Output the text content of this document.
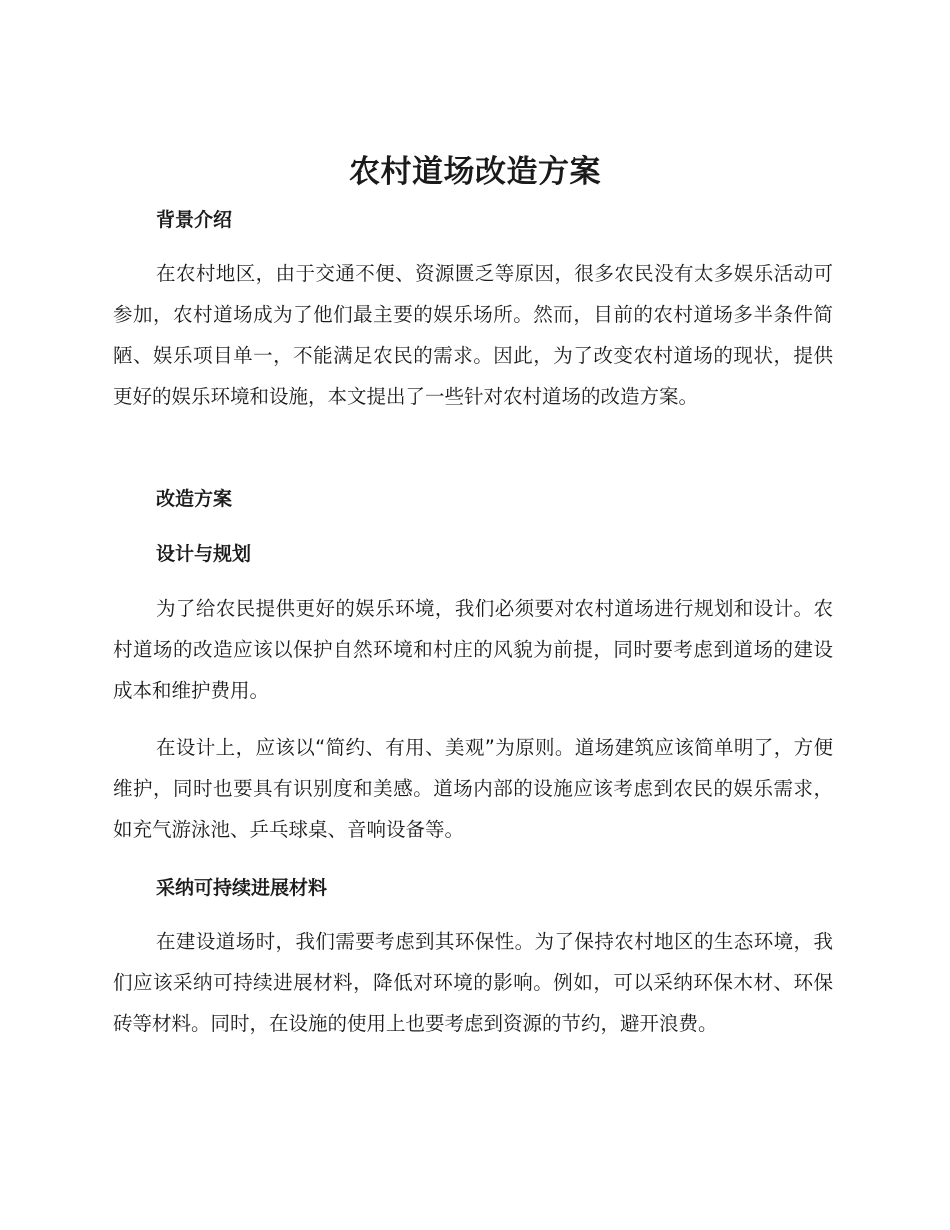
农村道场改造方案
背景介绍

在农村地区，由于交通不便、资源匮乏等原因，很多农民没有太多娱乐活动可参加，农村道场成为了他们最主要的娱乐场所。然而，目前的农村道场多半条件简陋、娱乐项目单一，不能满足农民的需求。因此，为了改变农村道场的现状，提供更好的娱乐环境和设施，本文提出了一些针对农村道场的改造方案。

改造方案
设计与规划

为了给农民提供更好的娱乐环境，我们必须要对农村道场进行规划和设计。农村道场的改造应该以保护自然环境和村庄的风貌为前提，同时要考虑到道场的建设成本和维护费用。

在设计上，应该以“简约、有用、美观”为原则。道场建筑应该简单明了，方便维护，同时也要具有识别度和美感。道场内部的设施应该考虑到农民的娱乐需求，如充气游泳池、乒乓球桌、音响设备等。

采纳可持续进展材料

在建设道场时，我们需要考虑到其环保性。为了保持农村地区的生态环境，我们应该采纳可持续进展材料，降低对环境的影响。例如，可以采纳环保木材、环保砖等材料。同时，在设施的使用上也要考虑到资源的节约，避开浪费。
